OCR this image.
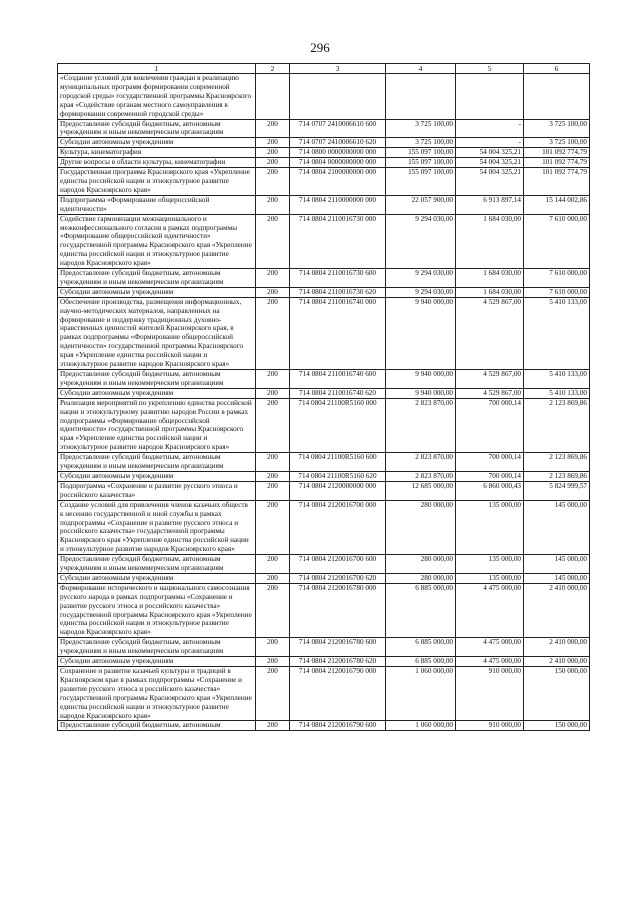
296
1	2	3	4	5	6
«Создание условий для вовлечения граждан в реализацию муниципальных программ формирования современной городской среды» государственной программы Красноярского края «Содействие органам местного самоуправления в формировании современной городской среды»					
Предоставление субсидий бюджетным, автономным учреждениям и иным некоммерческим организациям	200	714 0707 2410006610 600	3 725 100,00	-	3 725 100,00
Субсидии автономным учреждениям	200	714 0707 2410006610 620	3 725 100,00	-	3 725 100,00
Культура, кинематография	200	714 0800 0000000000 000	155 097 100,00	54 004 325,21	101 092 774,79
Другие вопросы в области культуры, кинематографии	200	714 0804 0000000000 000	155 097 100,00	54 004 325,21	101 092 774,79
Государственная программа Красноярского края «Укрепление единства российской нации и этнокультурное развитие народов Красноярского края»	200	714 0804 2100000000 000	155 097 100,00	54 004 325,21	101 092 774,79
Подпрограмма «Формирование общероссийской идентичности»	200	714 0804 2110000000 000	22 057 900,00	6 913 897,14	15 144 002,86
Содействие гармонизации межнационального и межконфессионального согласия в рамках подпрограммы «Формирование общероссийской идентичности» государственной программы Красноярского края «Укрепление единства российской нации и этнокультурное развитие народов Красноярского края»	200	714 0804 2110016730 000	9 294 030,00	1 684 030,00	7 610 000,00
Предоставление субсидий бюджетным, автономным учреждениям и иным некоммерческим организациям	200	714 0804 2110016730 600	9 294 030,00	1 684 030,00	7 610 000,00
Субсидии автономным учреждениям	200	714 0804 2110016730 620	9 294 030,00	1 684 030,00	7 610 000,00
Обеспечение производства, размещения информационных, научно-методических материалов, направленных на формирование и поддержку традиционных духовно-нравственных ценностей жителей Красноярского края, в рамках подпрограммы «Формирование общероссийской идентичности» государственной программы Красноярского края «Укрепление единства российской нации и этнокультурное развитие народов Красноярского края»	200	714 0804 2110016740 000	9 940 000,00	4 529 867,00	5 410 133,00
Предоставление субсидий бюджетным, автономным учреждениям и иным некоммерческим организациям	200	714 0804 2110016740 600	9 940 000,00	4 529 867,00	5 410 133,00
Субсидии автономным учреждениям	200	714 0804 2110016740 620	9 940 000,00	4 529 867,00	5 410 133,00
Реализация мероприятий по укреплению единства российской нации и этнокультурному развитию народов России в рамках подпрограммы «Формирование общероссийской идентичности» государственной программы Красноярского края «Укрепление единства российской нации и этнокультурное развитие народов Красноярского края»	200	714 0804 21100R5160 000	2 823 870,00	700 000,14	2 123 869,86
Предоставление субсидий бюджетным, автономным учреждениям и иным некоммерческим организациям	200	714 0804 21100R5160 600	2 823 870,00	700 000,14	2 123 869,86
Субсидии автономным учреждениям	200	714 0804 21100R5160 620	2 823 870,00	700 000,14	2 123 869,86
Подпрограмма «Сохранение и развитие русского этноса и российского казачества»	200	714 0804 2120000000 000	12 685 000,00	6 860 000,43	5 824 999,57
Создание условий для привлечения членов казачьих обществ к несению государственной и иной службы в рамках подпрограммы «Сохранение и развитие русского этноса и российского казачества» государственной программы Красноярского края «Укрепление единства российской нации и этнокультурное развитие народов Красноярского края»	200	714 0804 2120016700 000	280 000,00	135 000,00	145 000,00
Предоставление субсидий бюджетным, автономным учреждениям и иным некоммерческим организациям	200	714 0804 2120016700 600	280 000,00	135 000,00	145 000,00
Субсидии автономным учреждениям	200	714 0804 2120016700 620	280 000,00	135 000,00	145 000,00
Формирование исторического и национального самосознания русского народа в рамках подпрограммы «Сохранение и развитие русского этноса и российского казачества» государственной программы Красноярского края «Укрепление единства российской нации и этнокультурное развитие народов Красноярского края»	200	714 0804 2120016780 000	6 885 000,00	4 475 000,00	2 410 000,00
Предоставление субсидий бюджетным, автономным учреждениям и иным некоммерческим организациям	200	714 0804 2120016780 600	6 885 000,00	4 475 000,00	2 410 000,00
Субсидии автономным учреждениям	200	714 0804 2120016780 620	6 885 000,00	4 475 000,00	2 410 000,00
Сохранение и развитие казачьей культуры и традиций в Красноярском крае в рамках подпрограммы «Сохранение и развитие русского этноса и российского казачества» государственной программы Красноярского края «Укрепление единства российской нации и этнокультурное развитие народов Красноярского края»	200	714 0804 2120016790 000	1 060 000,00	910 000,00	150 000,00
Предоставление субсидий бюджетным, автономным	200	714 0804 2120016790 600	1 060 000,00	910 000,00	150 000,00
